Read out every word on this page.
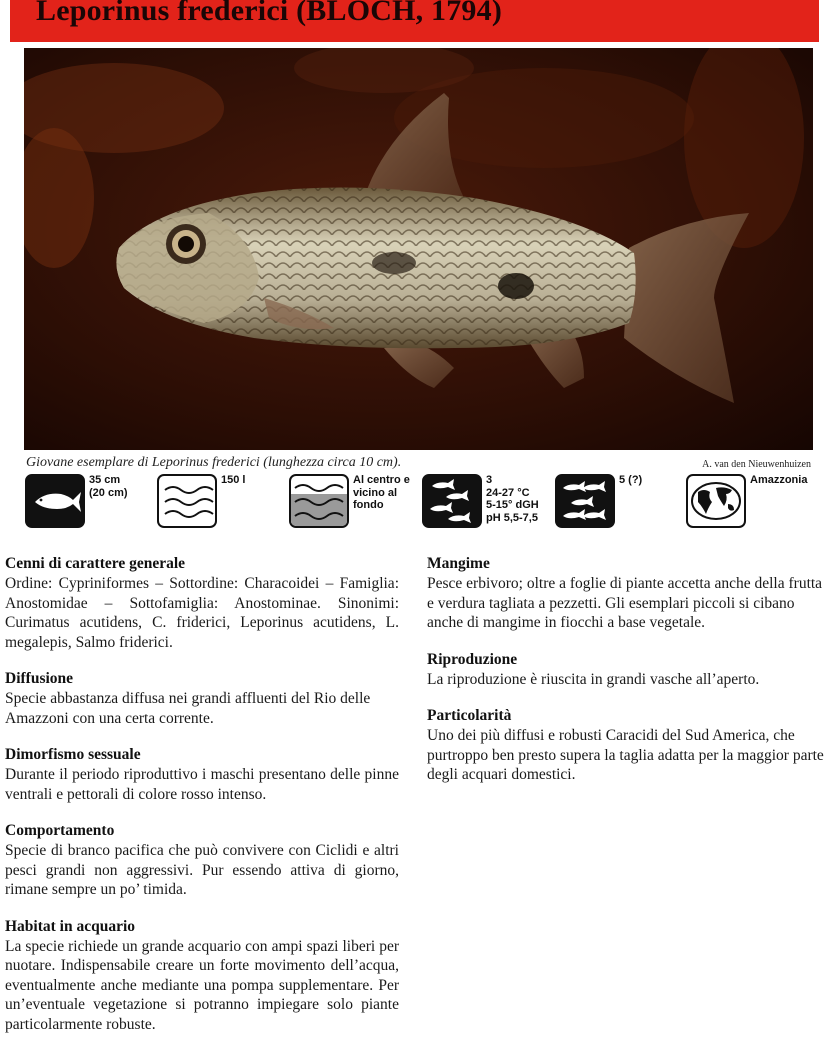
Leporinus frederici (BLOCH, 1794)
Giovane esemplare di Leporinus frederici (lunghezza circa 10 cm).	A. van den Nieuwenhuizen
35 cm
(20 cm)
150 l	Al centro e
vicino al
fondo
3
24-27 °C
5-15° dGH
pH 5,5-7,5
5 (?)	Amazzonia
Cenni di carattere generale

Ordine: Cypriniformes – Sottordine: Characoidei – Famiglia: Anostomidae – Sottofamiglia: Anostominae. Sinonimi: Curimatus acutidens, C. friderici, Leporinus acutidens, L. megalepis, Salmo friderici.

Diffusione

Specie abbastanza diffusa nei grandi affluenti del Rio delle Amazzoni con una certa corrente.

Dimorfismo sessuale

Durante il periodo riproduttivo i maschi presentano delle pinne ventrali e pettorali di colore rosso intenso.

Comportamento

Specie di branco pacifica che può convivere con Ciclidi e altri pesci grandi non aggressivi. Pur essendo attiva di giorno, rimane sempre un po’ timida.

Habitat in acquario

La specie richiede un grande acquario con ampi spazi liberi per nuotare. Indispensabile creare un forte movimento dell’acqua, eventualmente anche mediante una pompa supplementare. Per un’eventuale vegetazione si potranno impiegare solo piante particolarmente robuste.

Mangime

Pesce erbivoro; oltre a foglie di piante accetta anche della frutta e verdura tagliata a pezzetti. Gli esemplari piccoli si cibano anche di mangime in fiocchi a base vegetale.

Riproduzione

La riproduzione è riuscita in grandi vasche all’aperto.

Particolarità

Uno dei più diffusi e robusti Caracidi del Sud America, che purtroppo ben presto supera la taglia adatta per la maggior parte degli acquari domestici.
